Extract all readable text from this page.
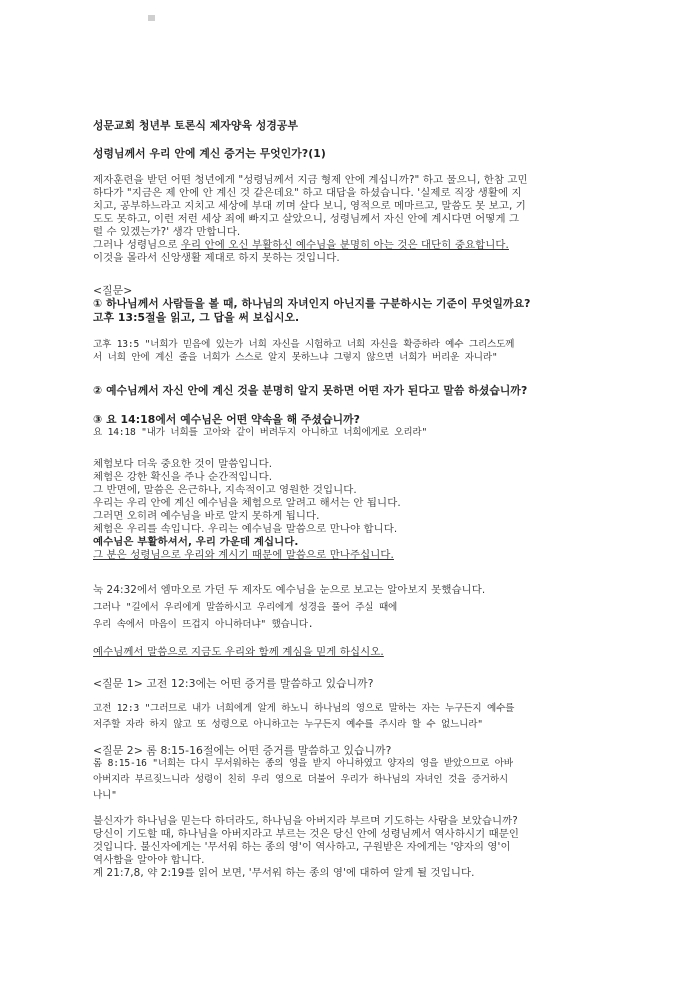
성문교회 청년부 토론식 제자양육 성경공부
성령님께서 우리 안에 계신 증거는 무엇인가?(1)
제자훈련을 받던 어떤 청년에게 "성령님께서 지금 형제 안에 계십니까?" 하고 물으니, 한참 고민
하다가 "지금은 제 안에 안 계신 것 같은데요" 하고 대답을 하셨습니다. '실제로 직장 생활에 지
치고, 공부하느라고 지치고 세상에 부대 끼며 살다 보니, 영적으로 메마르고, 말씀도 못 보고, 기
도도 못하고, 이런 저런 세상 죄에 빠지고 살았으니, 성령님께서 자신 안에 계시다면 어떻게 그
럴 수 있겠는가?' 생각 만합니다.
그러나 성령님으로 우리 안에 오신 부활하신 예수님을 분명히 아는 것은 대단히 중요합니다.
이것을 몰라서 신앙생활 제대로 하지 못하는 것입니다.
<질문>
① 하나님께서 사람들을 볼 때, 하나님의 자녀인지 아닌지를 구분하시는 기준이 무엇일까요?
고후 13:5절을 읽고, 그 답을 써 보십시오.
고후 13:5 "너희가 믿음에 있는가 너희 자신을 시험하고 너희 자신을 확증하라 예수 그리스도께
서 너희 안에 계신 줄을 너희가 스스로 알지 못하느냐 그렇지 않으면 너희가 버리운 자니라"
② 예수님께서 자신 안에 계신 것을 분명히 알지 못하면 어떤 자가 된다고 말씀 하셨습니까?
③ 요 14:18에서 예수님은 어떤 약속을 해 주셨습니까?
요 14:18 "내가 너희를 고아와 같이 버려두지 아니하고 너희에게로 오리라"
체험보다 더욱 중요한 것이 말씀입니다.
체험은 강한 확신을 주나 순간적입니다.
그 반면에, 말씀은 은근하나, 지속적이고 영원한 것입니다.
우리는 우리 안에 계신 예수님을 체험으로 알려고 해서는 안 됩니다.
그러면 오히려 예수님을 바로 알지 못하게 됩니다.
체험은 우리를 속입니다. 우리는 예수님을 말씀으로 만나야 합니다.
예수님은 부활하셔서, 우리 가운데 계십니다.
그 분은 성령님으로 우리와 계시기 때문에 말씀으로 만나주십니다.
눅 24:32에서 엠마오로 가던 두 제자도 예수님을 눈으로 보고는 알아보지 못했습니다.
그러나 "길에서 우리에게 말씀하시고 우리에게 성경을 풀어 주실 때에
우리 속에서 마음이 뜨겁지 아니하더냐" 했습니다.
예수님께서 말씀으로 지금도 우리와 함께 계심을 믿게 하십시오.
<질문 1> 고전 12:3에는 어떤 증거를 말씀하고 있습니까?
고전 12:3 "그러므로 내가 너희에게 알게 하노니 하나님의 영으로 말하는 자는 누구든지 예수를
저주할 자라 하지 않고 또 성령으로 아니하고는 누구든지 예수를 주시라 할 수 없느니라"
<질문 2> 롬 8:15-16절에는 어떤 증거를 말씀하고 있습니까?
롬 8:15-16 "너희는 다시 무서워하는 종의 영을 받지 아니하였고 양자의 영을 받았으므로 아바
아버지라 부르짖느니라 성령이 친히 우리 영으로 더불어 우리가 하나님의 자녀인 것을 증거하시
나니"
불신자가 하나님을 믿는다 하더라도, 하나님을 아버지라 부르며 기도하는 사람을 보았습니까?
당신이 기도할 때, 하나님을 아버지라고 부르는 것은 당신 안에 성령님께서 역사하시기 때문인
것입니다. 불신자에게는 '무서워 하는 종의 영'이 역사하고, 구원받은 자에게는 '양자의 영'이
역사함을 알아야 합니다.
계 21:7,8, 약 2:19를 읽어 보면, '무서워 하는 종의 영'에 대하여 알게 될 것입니다.
